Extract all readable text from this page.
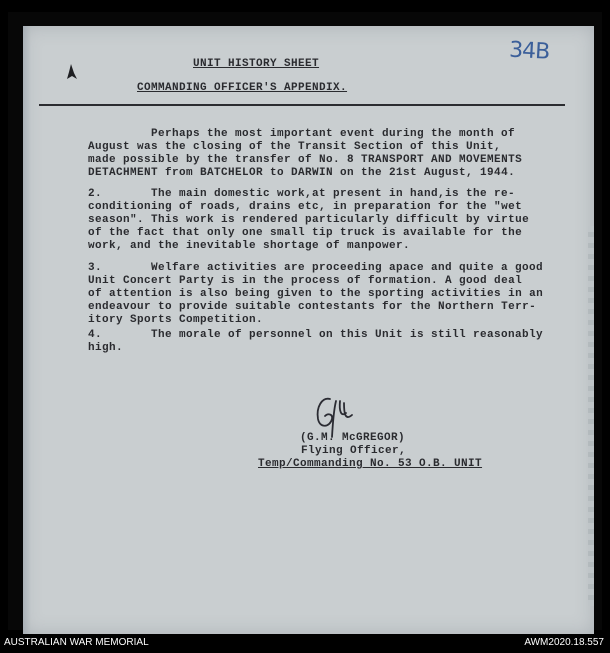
34B
UNIT HISTORY SHEET
COMMANDING OFFICER'S APPENDIX.
Perhaps the most important event during the month of
August was the closing of the Transit Section of this Unit,
made possible by the transfer of No. 8 TRANSPORT AND MOVEMENTS
DETACHMENT from BATCHELOR to DARWIN on the 21st August, 1944.
2.	The main domestic work,at present in hand,is the re-
conditioning of roads, drains etc, in preparation for the "wet
season". This work is rendered particularly difficult by virtue
of the fact that only one small tip truck is available for the
work, and the inevitable shortage of manpower.
3.	Welfare activities are proceeding apace and quite a good
Unit Concert Party is in the process of formation. A good deal
of attention is also being given to the sporting activities in an
endeavour to provide suitable contestants for the Northern Terr-
itory Sports Competition.
4.	The morale of personnel on this Unit is still reasonably
high.
(G.M. McGREGOR)
Flying Officer,
Temp/Commanding No. 53 O.B. UNIT
AUSTRALIAN WAR MEMORIAL	AWM2020.18.557
